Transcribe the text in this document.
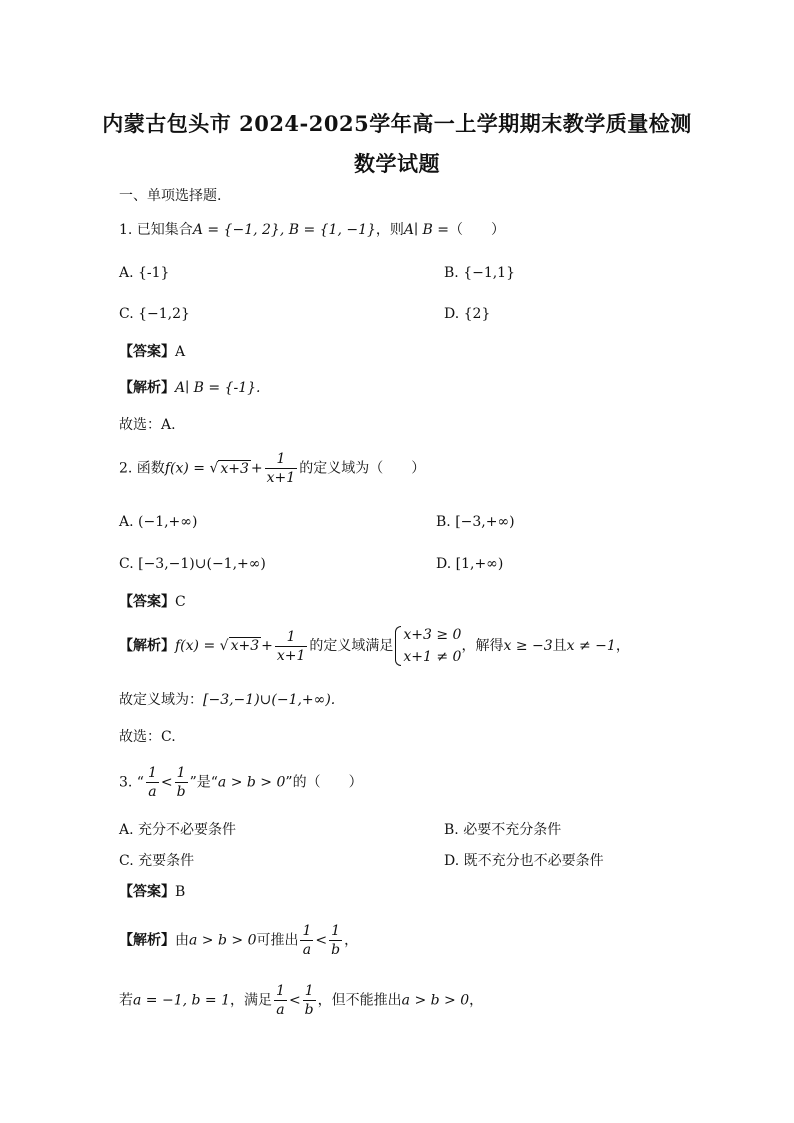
内蒙古包头市 2024-2025学年高一上学期期末教学质量检测
数学试题
一、单项选择题.
1. 已知集合A = {−1, 2}, B = {1, −1}，则A∣ B =（　　）
A. {-1}	B. {−1,1}
C. {−1,2}	D. {2}
【答案】A
【解析】A∣ B = {-1}.
故选：A.
2. 函数f(x) = √ $x+3 + \frac{1}{x+1}$ 的定义域为（　　）
A. (−1,+∞)	B. [−3,+∞)
C. [−3,−1)∪(−1,+∞)	D. [1,+∞)
【答案】C
【解析】f(x) = √ $x+3 + \frac{1}{x+1}$ 的定义域满足
x+3 ≥ 0
x+1 ≠ 0
，解得x ≥ −3且x ≠ −1，
故定义域为：[−3,−1)∪(−1,+∞).
故选：C.
3. “ $\frac{1}{a} < \frac{1}{b}$ ”是“a > b > 0”的（　　）
A. 充分不必要条件	B. 必要不充分条件
C. 充要条件	D. 既不充分也不必要条件
【答案】B
【解析】由a > b > 0可推出 $\frac{1}{a} < \frac{1}{b}$ ，
若a = −1, b = 1，满足 $\frac{1}{a} < \frac{1}{b}$ ，但不能推出a > b > 0，
